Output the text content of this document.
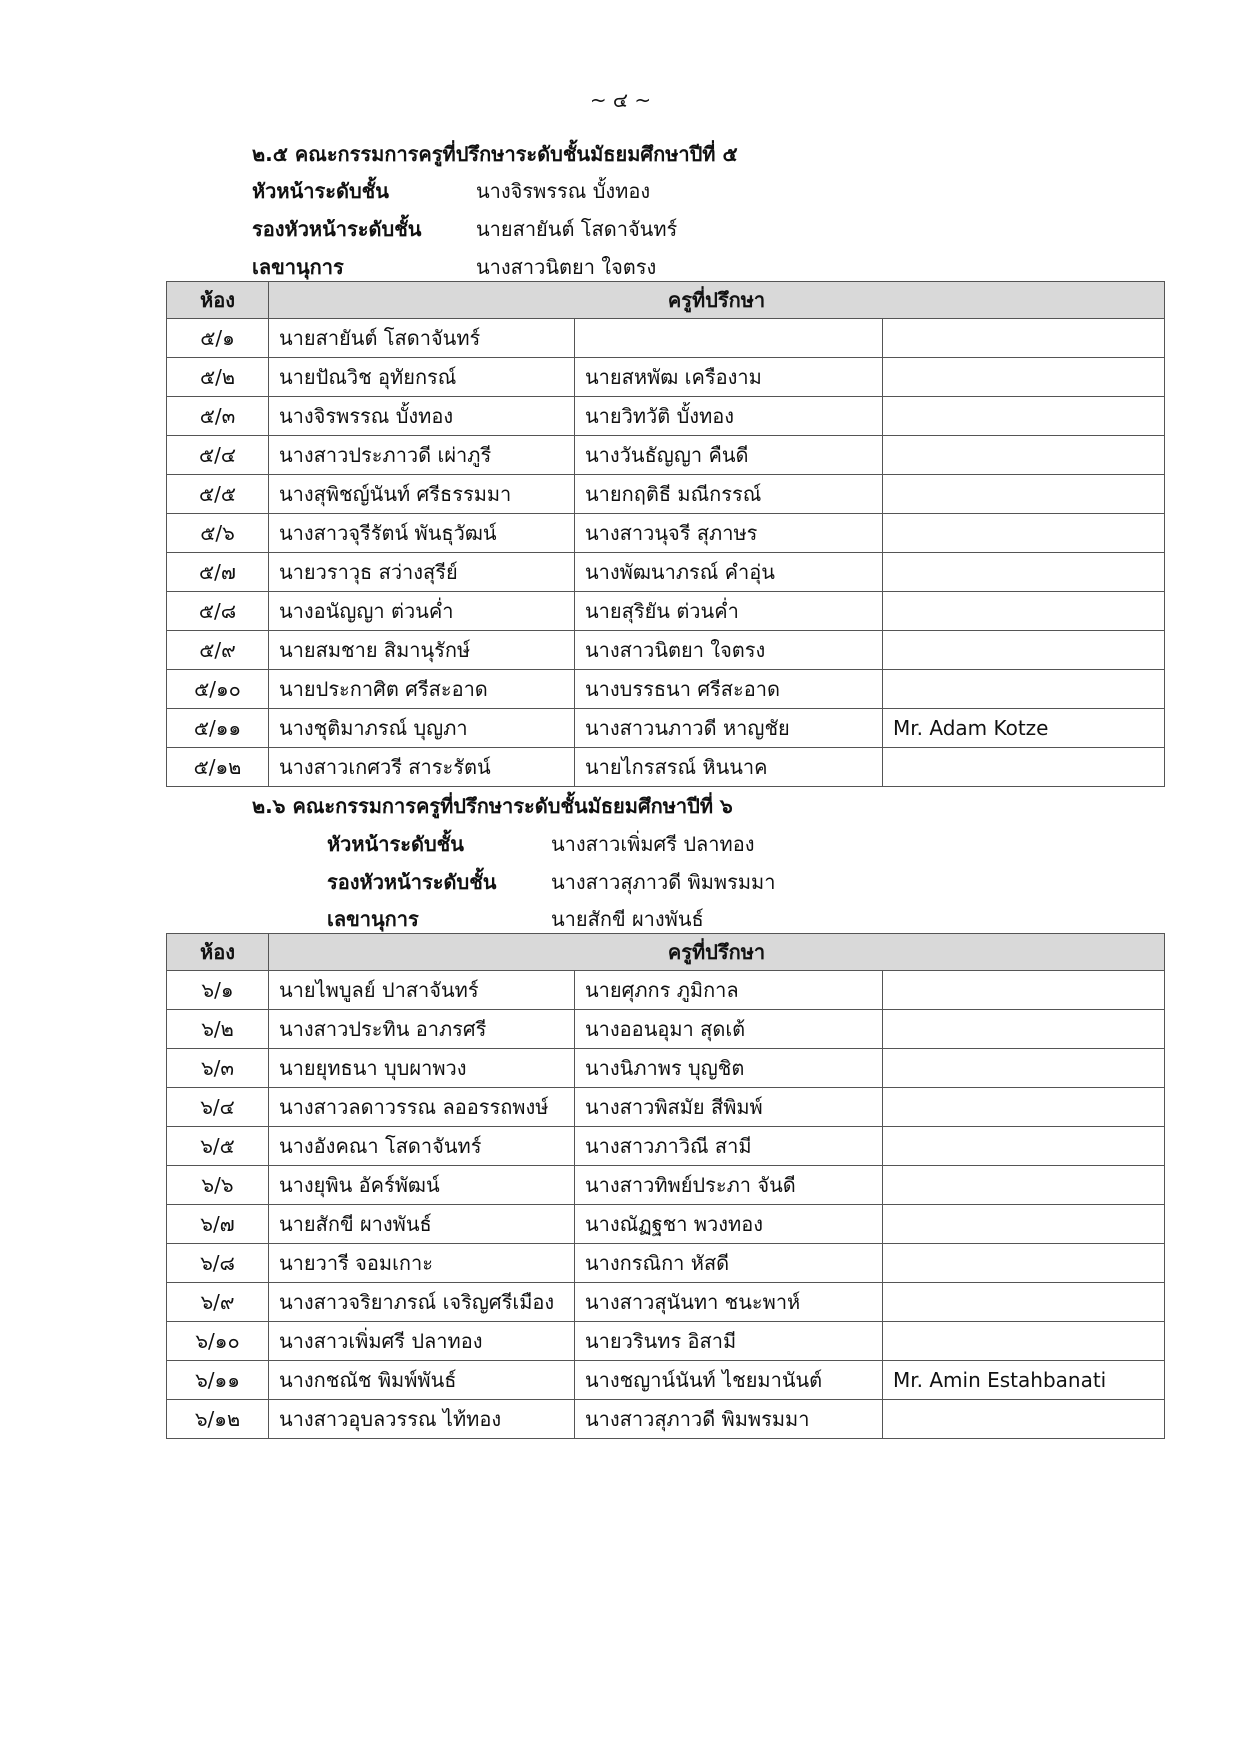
~ ๔ ~
๒.๕ คณะกรรมการครูที่ปรึกษาระดับชั้นมัธยมศึกษาปีที่ ๕
หัวหน้าระดับชั้น	นางจิรพรรณ บั้งทอง
รองหัวหน้าระดับชั้น	นายสายันต์ โสดาจันทร์
เลขานุการ	นางสาวนิตยา ใจตรง
ห้อง	ครูที่ปรึกษา		
๕/๑	นายสายันต์ โสดาจันทร์		
๕/๒	นายปัณวิช อุทัยกรณ์	นายสหพัฒ เครืองาม	
๕/๓	นางจิรพรรณ บั้งทอง	นายวิทวัติ บั้งทอง	
๕/๔	นางสาวประภาวดี เผ่าภูรี	นางวันธัญญา คืนดี	
๕/๕	นางสุพิชญ์นันท์ ศรีธรรมมา	นายกฤติธี มณีกรรณ์	
๕/๖	นางสาวจุรีรัตน์ พันธุวัฒน์	นางสาวนุจรี สุภาษร	
๕/๗	นายวราวุธ สว่างสุรีย์	นางพัฒนาภรณ์ คำอุ่น	
๕/๘	นางอนัญญา ต่วนค่ำ	นายสุริยัน ต่วนค่ำ	
๕/๙	นายสมชาย สิมานุรักษ์	นางสาวนิตยา ใจตรง	
๕/๑๐	นายประกาศิต ศรีสะอาด	นางบรรธนา ศรีสะอาด	
๕/๑๑	นางชุติมาภรณ์ บุญภา	นางสาวนภาวดี หาญชัย	Mr. Adam Kotze
๕/๑๒	นางสาวเกศวรี สาระรัตน์	นายไกรสรณ์ หินนาค	
๒.๖ คณะกรรมการครูที่ปรึกษาระดับชั้นมัธยมศึกษาปีที่ ๖
หัวหน้าระดับชั้น	นางสาวเพิ่มศรี ปลาทอง
รองหัวหน้าระดับชั้น	นางสาวสุภาวดี พิมพรมมา
เลขานุการ	นายสักขี ผางพันธ์
ห้อง	ครูที่ปรึกษา		
๖/๑	นายไพบูลย์ ปาสาจันทร์	นายศุภกร ภูมิกาล	
๖/๒	นางสาวประทิน อาภรศรี	นางออนอุมา สุดเต้	
๖/๓	นายยุทธนา บุบผาพวง	นางนิภาพร บุญชิต	
๖/๔	นางสาวลดาวรรณ ลออรรถพงษ์	นางสาวพิสมัย สีพิมพ์	
๖/๕	นางอังคณา โสดาจันทร์	นางสาวภาวิณี สามี	
๖/๖	นางยุพิน อัคร์พัฒน์	นางสาวทิพย์ประภา จันดี	
๖/๗	นายสักขี ผางพันธ์	นางณัฏฐชา พวงทอง	
๖/๘	นายวารี จอมเกาะ	นางกรณิกา หัสดี	
๖/๙	นางสาวจริยาภรณ์ เจริญศรีเมือง	นางสาวสุนันทา ชนะพาห์	
๖/๑๐	นางสาวเพิ่มศรี ปลาทอง	นายวรินทร อิสามี	
๖/๑๑	นางกชณัช พิมพ์พันธ์	นางชญาน์นันท์ ไชยมานันต์	Mr. Amin Estahbanati
๖/๑๒	นางสาวอุบลวรรณ ไท้ทอง	นางสาวสุภาวดี พิมพรมมา	
